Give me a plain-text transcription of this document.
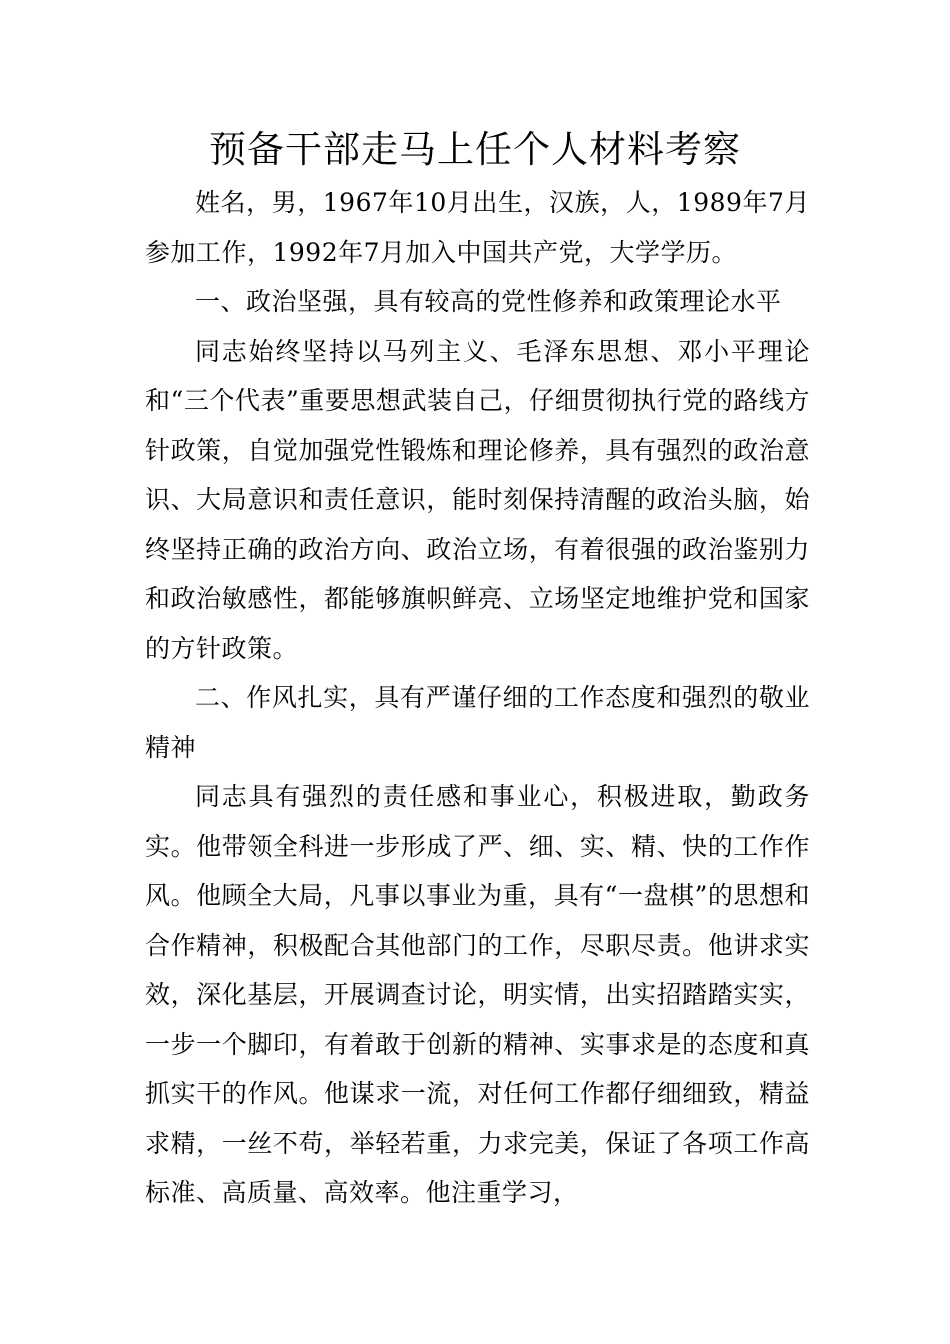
预备干部走马上任个人材料考察

姓名，男，1967年10月出生，汉族，人，1989年7月参加工作，1992年7月加入中国共产党，大学学历。

一、政治坚强，具有较高的党性修养和政策理论水平

同志始终坚持以马列主义、毛泽东思想、邓小平理论和“三个代表”重要思想武装自己，仔细贯彻执行党的路线方针政策，自觉加强党性锻炼和理论修养，具有强烈的政治意识、大局意识和责任意识，能时刻保持清醒的政治头脑，始终坚持正确的政治方向、政治立场，有着很强的政治鉴别力和政治敏感性，都能够旗帜鲜亮、立场坚定地维护党和国家的方针政策。

二、作风扎实，具有严谨仔细的工作态度和强烈的敬业精神

同志具有强烈的责任感和事业心，积极进取，勤政务实。他带领全科进一步形成了严、细、实、精、快的工作作风。他顾全大局，凡事以事业为重，具有“一盘棋”的思想和合作精神，积极配合其他部门的工作，尽职尽责。他讲求实效，深化基层，开展调查讨论，明实情，出实招踏踏实实，一步一个脚印，有着敢于创新的精神、实事求是的态度和真抓实干的作风。他谋求一流，对任何工作都仔细细致，精益求精，一丝不苟，举轻若重，力求完美，保证了各项工作高标准、高质量、高效率。他注重学习，
